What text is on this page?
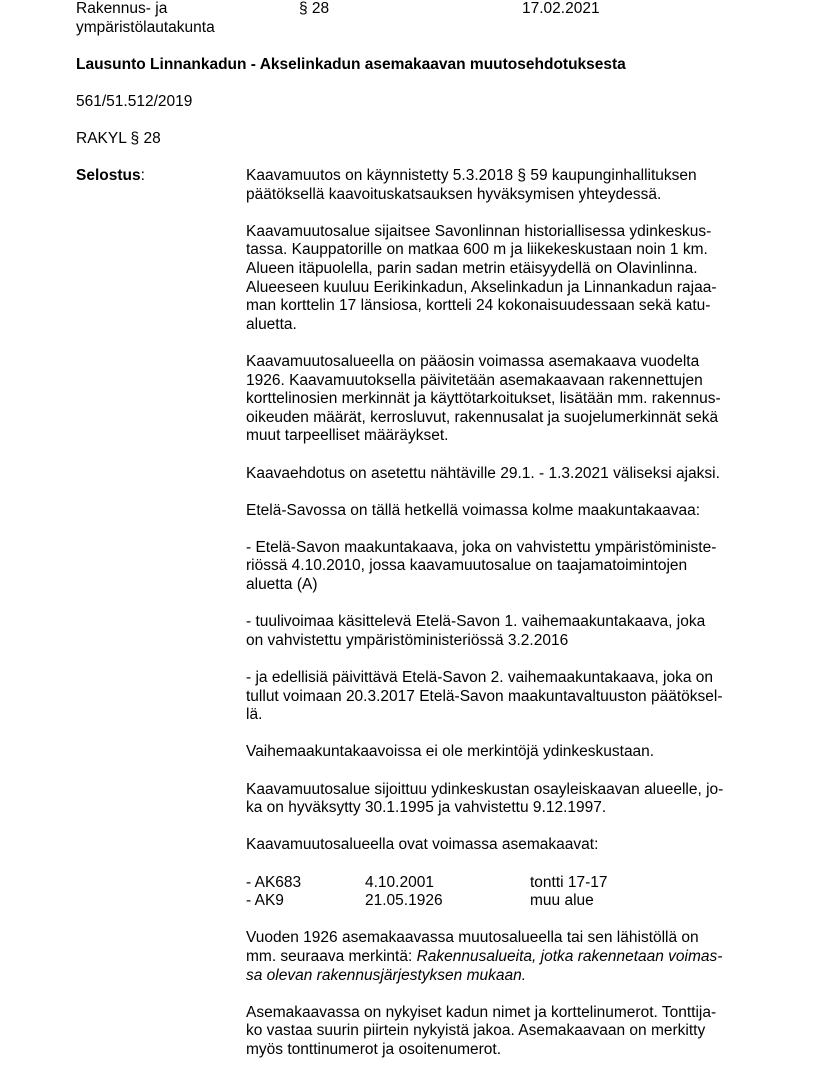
Rakennus- ja
ympäristölautakunta
§ 28	17.02.2021
Lausunto Linnankadun - Akselinkadun asemakaavan muutosehdotuksesta
561/51.512/2019
RAKYL § 28
Selostus:	Kaavamuutos on käynnistetty 5.3.2018 § 59 kaupunginhallituksen
päätöksellä kaavoituskatsauksen hyväksymisen yhteydessä.

Kaavamuutosalue sijaitsee Savonlinnan historiallisessa ydinkeskus-
tassa. Kauppatorille on matkaa 600 m ja liikekeskustaan noin 1 km.
Alueen itäpuolella, parin sadan metrin etäisyydellä on Olavinlinna.
Alueeseen kuuluu Eerikinkadun, Akselinkadun ja Linnankadun rajaa-
man korttelin 17 länsiosa, kortteli 24 kokonaisuudessaan sekä katu-
aluetta.

Kaavamuutosalueella on pääosin voimassa asemakaava vuodelta
1926. Kaavamuutoksella päivitetään asemakaavaan rakennettujen
korttelinosien merkinnät ja käyttötarkoitukset, lisätään mm. rakennus-
oikeuden määrät, kerrosluvut, rakennusalat ja suojelumerkinnät sekä
muut tarpeelliset määräykset.

Kaavaehdotus on asetettu nähtäville 29.1. - 1.3.2021 väliseksi ajaksi.

Etelä-Savossa on tällä hetkellä voimassa kolme maakuntakaavaa:

- Etelä-Savon maakuntakaava, joka on vahvistettu ympäristöministe-
riössä 4.10.2010, jossa kaavamuutosalue on taajamatoimintojen
aluetta (A)

- tuulivoimaa käsittelevä Etelä-Savon 1. vaihemaakuntakaava, joka
on vahvistettu ympäristöministeriössä 3.2.2016

- ja edellisiä päivittävä Etelä-Savon 2. vaihemaakuntakaava, joka on
tullut voimaan 20.3.2017 Etelä-Savon maakuntavaltuuston päätöksel-
lä.

Vaihemaakuntakaavoissa ei ole merkintöjä ydinkeskustaan.

Kaavamuutosalue sijoittuu ydinkeskustan osayleiskaavan alueelle, jo-
ka on hyväksytty 30.1.1995 ja vahvistettu 9.12.1997.

Kaavamuutosalueella ovat voimassa asemakaavat:

- AK683	4.10.2001	tontti 17-17
- AK9	21.05.1926	muu alue

Vuoden 1926 asemakaavassa muutosalueella tai sen lähistöllä on
mm. seuraava merkintä: Rakennusalueita, jotka rakennetaan voimas-
sa olevan rakennusjärjestyksen mukaan.

Asemakaavassa on nykyiset kadun nimet ja korttelinumerot. Tonttija-
ko vastaa suurin piirtein nykyistä jakoa. Asemakaavaan on merkitty
myös tonttinumerot ja osoitenumerot.
